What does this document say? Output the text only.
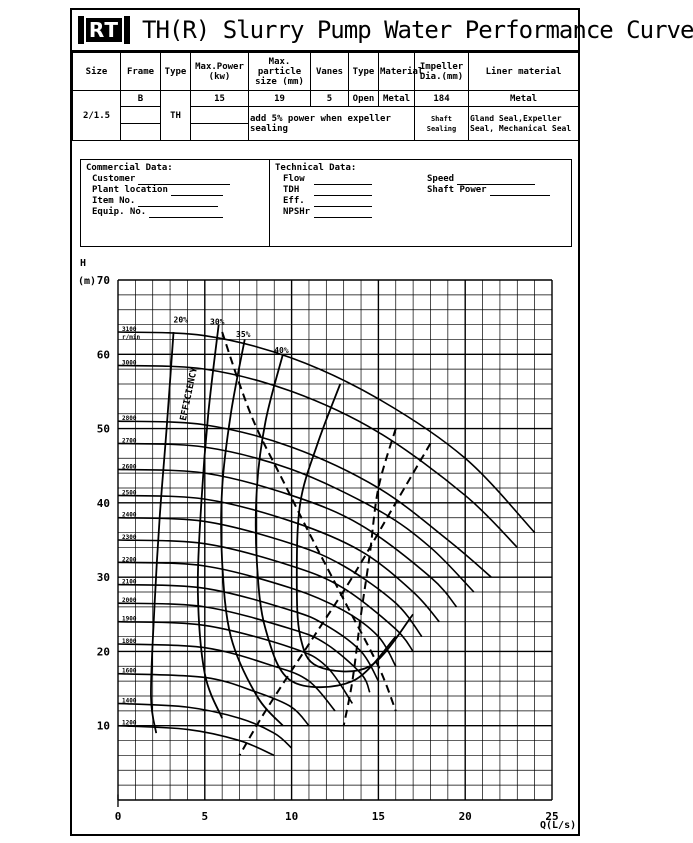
RT TH(R) Slurry Pump Water Performance Curve
Size	Frame	Type	Max.Power (kw)	Max. particle size (mm)	Vanes	Type	Material	Impeller Dia.(mm)	Liner material
2/1.5	B	TH	15	19	5	Open	Metal	184	Metal
				add 5% power when expeller sealing				Shaft Sealing	Gland Seal,Expeller Seal, Mechanical Seal

Commercial Data:
Customer
Plant location
Item No.
Equip. No.
Technical Data:
Flow
TDH
Eff.
NPSHr
Speed
Shaft Power
0	5	10	15	20	25
10
20
30
40
50
60
70
|
H
(m)
Q(L/s)
3100
3000
2800
2700
2600
2500
2400
2300
2200
2100
2000
1900
1800
1600
1400
1200
r/min
20%	30%
35%
40%
EFFICIENCY
